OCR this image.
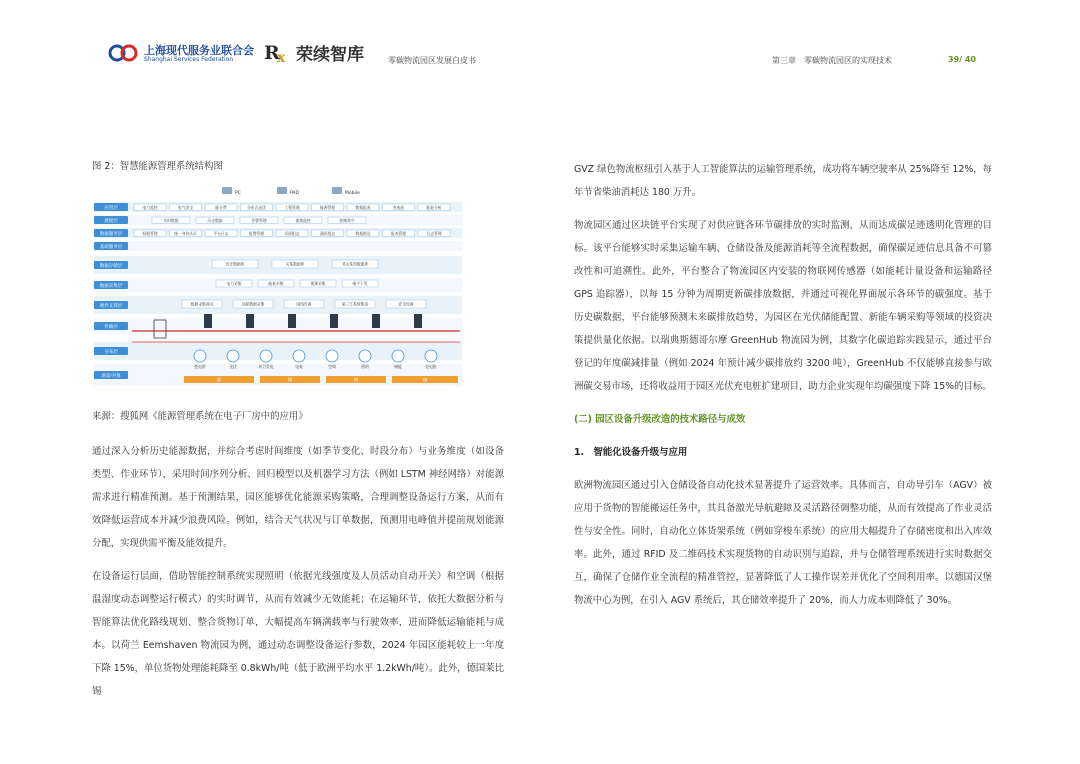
上海现代服务业联合会
Shanghai Services Federation R
x 荣续智库	零碳物流园区发展白皮书	第三章　零碳物流园区的实现技术	39/ 40
图 2：智慧能源管理系统结构图
PC	PAD	Mobile
应用层
展现层
数据服务层
基础服务层
数据存储层
数据采集层
硬件支撑层
传输层
分布层
场景/对象
电力监控	电气安全	能计费	分布式光伏	工程管理	能源管理	数据报表	充电桩	能耗分析
实时数据	历史数据	告警管理	视频监控	控制命令
权限管理	统一身份认证	平台日志	报警管理	页面组态	通讯组态	数据推送	报表管理	日志管理
历史数据库	关系数据库	非关系型数据库
电力采集	能耗采集	视频采集	指令下发
数据采集网关	远程数据采集	网络设备	第三方系统集成	安全设备
变电所	光伏	风力发电	电表	空调	照明	储能	充电桩
源	网	荷	储
来源：搜狐网《能源管理系统在电子厂房中的应用》

通过深入分析历史能源数据，并综合考虑时间维度（如季节变化、时段分布）与业务维度（如设备类型、作业环节），采用时间序列分析、回归模型以及机器学习方法（例如 LSTM 神经网络）对能源需求进行精准预测。基于预测结果，园区能够优化能源采购策略，合理调整设备运行方案，从而有效降低运营成本并减少浪费风险。例如，结合天气状况与订单数据，预测用电峰值并提前规划能源分配，实现供需平衡及能效提升。

在设备运行层面，借助智能控制系统实现照明（依据光线强度及人员活动自动开关）和空调（根据温湿度动态调整运行模式）的实时调节，从而有效减少无效能耗；在运输环节，依托大数据分析与智能算法优化路线规划、整合货物订单，大幅提高车辆满载率与行驶效率，进而降低运输能耗与成本。以荷兰 Eemshaven 物流园为例，通过动态调整设备运行参数，2024 年园区能耗较上一年度下降 15%，单位货物处理能耗降至 0.8kWh/吨（低于欧洲平均水平 1.2kWh/吨）。此外，德国莱比锡

GVZ 绿色物流枢纽引入基于人工智能算法的运输管理系统，成功将车辆空驶率从 25%降至 12%，每年节省柴油消耗达 180 万升。

物流园区通过区块链平台实现了对供应链各环节碳排放的实时监测，从而达成碳足迹透明化管理的目标。该平台能够实时采集运输车辆、仓储设备及能源消耗等全流程数据，确保碳足迹信息具备不可篡改性和可追溯性。此外，平台整合了物流园区内安装的物联网传感器（如能耗计量设备和运输路径 GPS 追踪器），以每 15 分钟为周期更新碳排放数据，并通过可视化界面展示各环节的碳强度。基于历史碳数据，平台能够预测未来碳排放趋势，为园区在光伏储能配置、新能车辆采购等领域的投资决策提供量化依据。以瑞典斯德哥尔摩 GreenHub 物流园为例，其数字化碳追踪实践显示，通过平台登记的年度碳减排量（例如 2024 年预计减少碳排放约 3200 吨），GreenHub 不仅能够直接参与欧洲碳交易市场，还将收益用于园区光伏充电桩扩建项目，助力企业实现年均碳强度下降 15%的目标。

(二) 园区设备升级改造的技术路径与成效

1.　智能化设备升级与应用

欧洲物流园区通过引入仓储设备自动化技术显著提升了运营效率。具体而言，自动导引车（AGV）被应用于货物的智能搬运任务中，其具备激光导航避障及灵活路径调整功能，从而有效提高了作业灵活性与安全性。同时，自动化立体货架系统（例如穿梭车系统）的应用大幅提升了存储密度和出入库效率。此外，通过 RFID 及二维码技术实现货物的自动识别与追踪，并与仓储管理系统进行实时数据交互，确保了仓储作业全流程的精准管控，显著降低了人工操作误差并优化了空间利用率。以德国汉堡物流中心为例，在引入 AGV 系统后，其仓储效率提升了 20%，而人力成本则降低了 30%。
